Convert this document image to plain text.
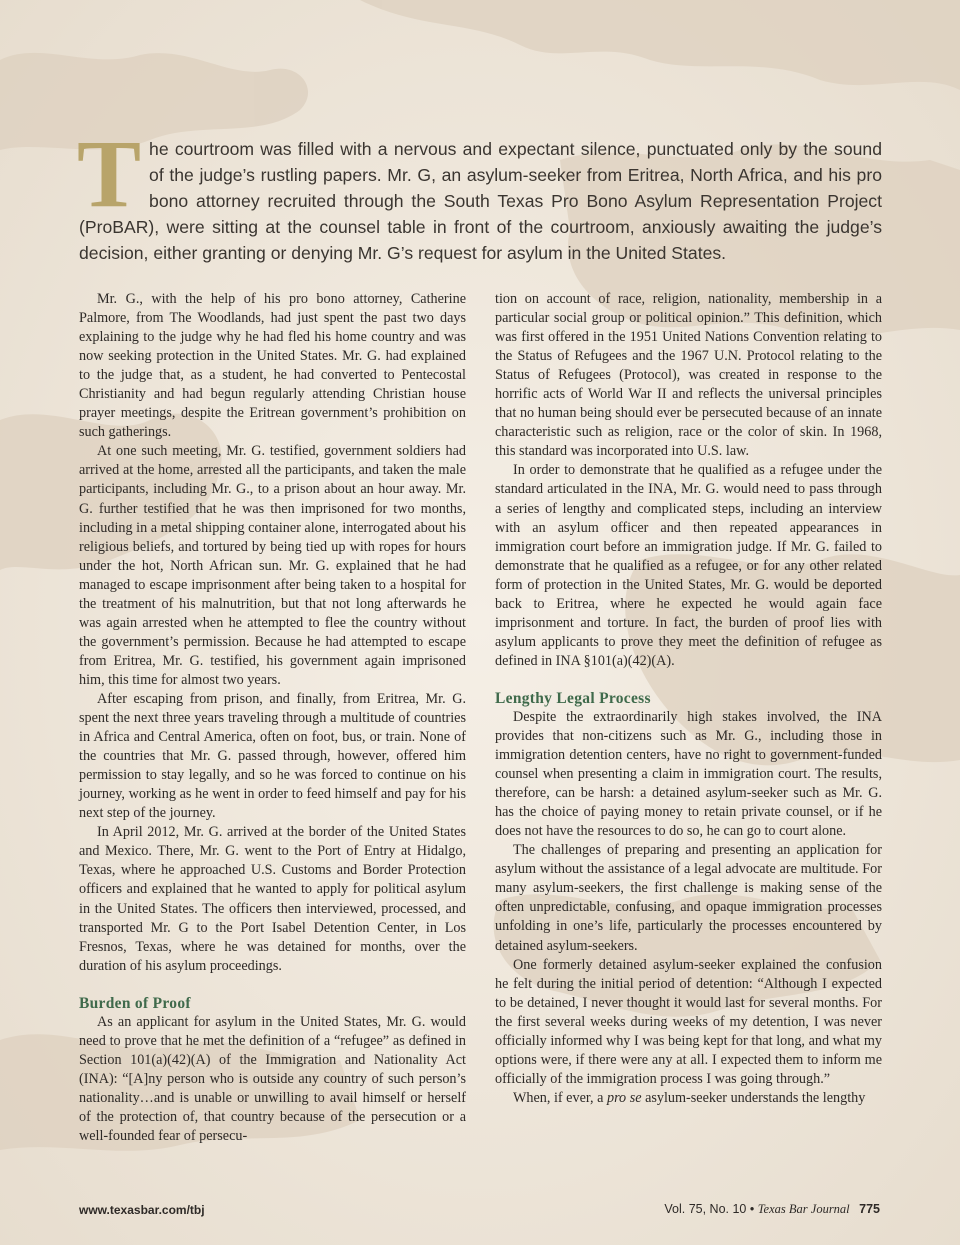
The courtroom was filled with a nervous and expectant silence, punctuated only by the sound of the judge’s rustling papers. Mr. G, an asylum-seeker from Eritrea, North Africa, and his pro bono attorney recruited through the South Texas Pro Bono Asylum Representation Project (ProBAR), were sitting at the counsel table in front of the courtroom, anxiously awaiting the judge’s decision, either granting or denying Mr. G’s request for asylum in the United States.

Mr. G., with the help of his pro bono attorney, Catherine Palmore, from The Woodlands, had just spent the past two days explaining to the judge why he had fled his home country and was now seeking protection in the United States. Mr. G. had explained to the judge that, as a student, he had converted to Pentecostal Christianity and had begun regularly attending Christian house prayer meetings, despite the Eritrean government’s prohibition on such gatherings.

At one such meeting, Mr. G. testified, government soldiers had arrived at the home, arrested all the participants, and taken the male participants, including Mr. G., to a prison about an hour away. Mr. G. further testified that he was then imprisoned for two months, including in a metal shipping container alone, interrogated about his religious beliefs, and tortured by being tied up with ropes for hours under the hot, North African sun. Mr. G. explained that he had managed to escape imprisonment after being taken to a hospital for the treatment of his malnutrition, but that not long afterwards he was again arrested when he attempted to flee the country without the government’s permission. Because he had attempted to escape from Eritrea, Mr. G. testified, his government again imprisoned him, this time for almost two years.

After escaping from prison, and finally, from Eritrea, Mr. G. spent the next three years traveling through a multitude of countries in Africa and Central America, often on foot, bus, or train. None of the countries that Mr. G. passed through, however, offered him permission to stay legally, and so he was forced to continue on his journey, working as he went in order to feed himself and pay for his next step of the journey.

In April 2012, Mr. G. arrived at the border of the United States and Mexico. There, Mr. G. went to the Port of Entry at Hidalgo, Texas, where he approached U.S. Customs and Border Protection officers and explained that he wanted to apply for political asylum in the United States. The officers then interviewed, processed, and transported Mr. G to the Port Isabel Detention Center, in Los Fresnos, Texas, where he was detained for months, over the duration of his asylum proceedings.

Burden of Proof

As an applicant for asylum in the United States, Mr. G. would need to prove that he met the definition of a “refugee” as defined in Section 101(a)(42)(A) of the Immigration and Nationality Act (INA): “[A]ny person who is outside any country of such person’s nationality…and is unable or unwilling to avail himself or herself of the protection of, that country because of the persecution or a well-founded fear of persecu-

tion on account of race, religion, nationality, membership in a particular social group or political opinion.” This definition, which was first offered in the 1951 United Nations Convention relating to the Status of Refugees and the 1967 U.N. Protocol relating to the Status of Refugees (Protocol), was created in response to the horrific acts of World War II and reflects the universal principles that no human being should ever be persecuted because of an innate characteristic such as religion, race or the color of skin. In 1968, this standard was incorporated into U.S. law.

In order to demonstrate that he qualified as a refugee under the standard articulated in the INA, Mr. G. would need to pass through a series of lengthy and complicated steps, including an interview with an asylum officer and then repeated appearances in immigration court before an immigration judge. If Mr. G. failed to demonstrate that he qualified as a refugee, or for any other related form of protection in the United States, Mr. G. would be deported back to Eritrea, where he expected he would again face imprisonment and torture. In fact, the burden of proof lies with asylum applicants to prove they meet the definition of refugee as defined in INA §101(a)(42)(A).

Lengthy Legal Process

Despite the extraordinarily high stakes involved, the INA provides that non-citizens such as Mr. G., including those in immigration detention centers, have no right to government-funded counsel when presenting a claim in immigration court. The results, therefore, can be harsh: a detained asylum-seeker such as Mr. G. has the choice of paying money to retain private counsel, or if he does not have the resources to do so, he can go to court alone.

The challenges of preparing and presenting an application for asylum without the assistance of a legal advocate are multitude. For many asylum-seekers, the first challenge is making sense of the often unpredictable, confusing, and opaque immigration processes unfolding in one’s life, particularly the processes encountered by detained asylum-seekers.

One formerly detained asylum-seeker explained the confusion he felt during the initial period of detention: “Although I expected to be detained, I never thought it would last for several months. For the first several weeks during weeks of my detention, I was never officially informed why I was being kept for that long, and what my options were, if there were any at all. I expected them to inform me officially of the immigration process I was going through.”

When, if ever, a pro se asylum-seeker understands the lengthy

www.texasbar.com/tbj	Vol. 75, No. 10 • Texas Bar Journal 775
